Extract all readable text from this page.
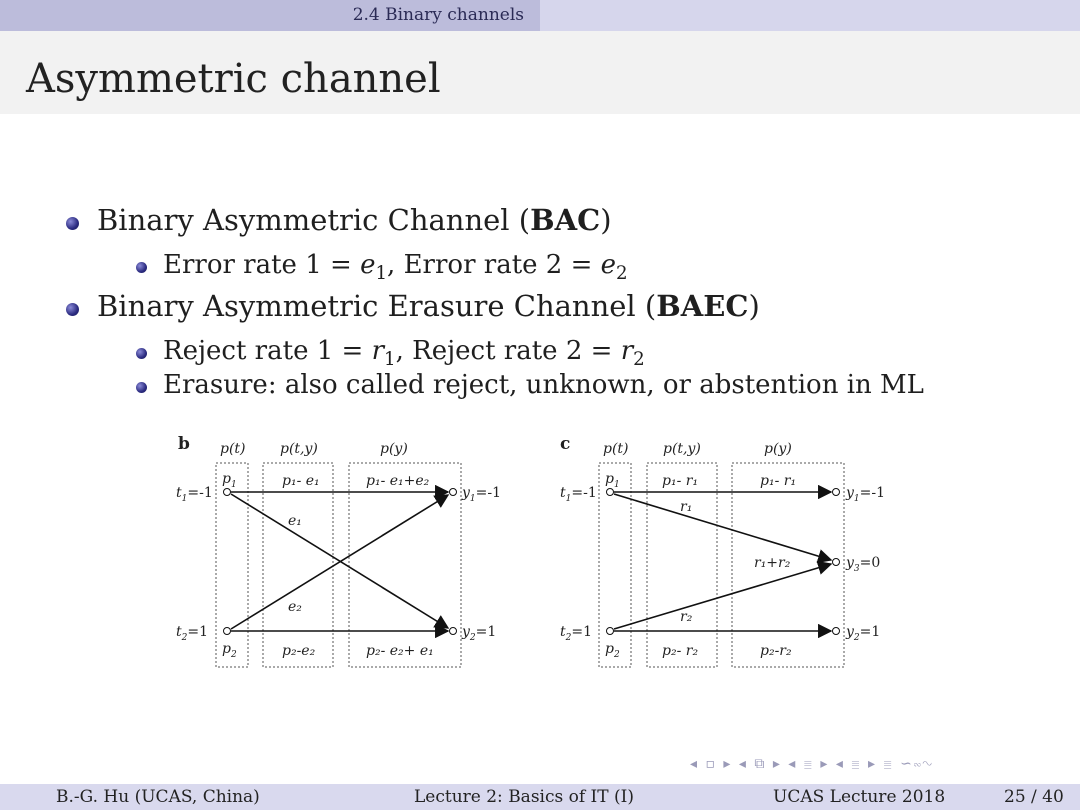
2.4 Binary channels
Asymmetric channel
Binary Asymmetric Channel (BAC)
Error rate $1 = e_1$, Error rate $2 = e_2$
Binary Asymmetric Erasure Channel (BAEC)
Reject rate $1 = r_1$, Reject rate $2 = r_2$
Erasure: also called reject, unknown, or abstention in ML
b p(t) p(t,y)	p(y)
$p_1$
$p_2$
$t_1=-1$
$t_2=1$
p₁- e₁
p₂-e₂
p₁- e₁+e₂
p₂- e₂+ e₁
e₁
e₂
$y_1=-1$
$y_2=1$
c p(t) p(t,y)	p(y)
$p_1$
$p_2$
$t_1=-1$
$t_2=1$
p₁- r₁
p₂- r₂
p₁- r₁
r₁+r₂
p₂-r₂
r₁
r₂
$y_1=-1$
$y_3=0$
$y_2=1$
◂ ▫ ▸ ◂ ⧉ ▸ ◂ ≣ ▸ ◂ ≣ ▸ ≣ ∽∾∿
B.-G. Hu (UCAS, China)	Lecture 2: Basics of IT (I)	UCAS Lecture 2018	25 / 40
